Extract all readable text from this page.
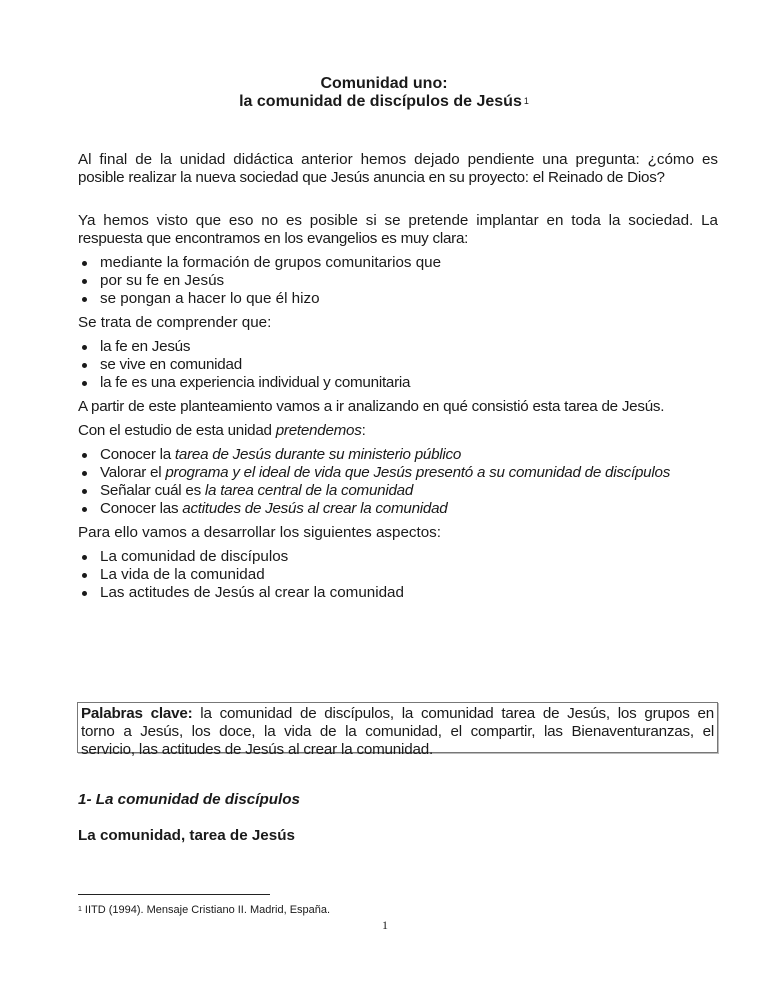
Comunidad uno:
la comunidad de discípulos de Jesús $^1$
Al final de la unidad didáctica anterior hemos dejado pendiente una pregunta: ¿cómo es
posible realizar la nueva sociedad que Jesús anuncia en su proyecto: el Reinado de Dios?
Ya hemos visto que eso no es posible si se pretende implantar en toda la sociedad. La
respuesta que encontramos en los evangelios es muy clara:
mediante la formación de grupos comunitarios que
por su fe en Jesús
se pongan a hacer lo que él hizo
Se trata de comprender que:
la fe en Jesús
se vive en comunidad
la fe es una experiencia individual y comunitaria
A partir de este planteamiento vamos a ir analizando en qué consistió esta tarea de Jesús.
Con el estudio de esta unidad pretendemos:
Conocer la tarea de Jesús durante su ministerio público
Valorar el programa y el ideal de vida que Jesús presentó a su comunidad de discípulos
Señalar cuál es la tarea central de la comunidad
Conocer las actitudes de Jesús al crear la comunidad
Para ello vamos a desarrollar los siguientes aspectos:
La comunidad de discípulos
La vida de la comunidad
Las actitudes de Jesús al crear la comunidad
Palabras clave: la comunidad de discípulos, la comunidad tarea de Jesús, los grupos en
torno a Jesús, los doce, la vida de la comunidad, el compartir, las Bienaventuranzas, el
servicio, las actitudes de Jesús al crear la comunidad.
1- La comunidad de discípulos
La comunidad, tarea de Jesús
$^1$ IITD (1994). Mensaje Cristiano II. Madrid, España.
1
